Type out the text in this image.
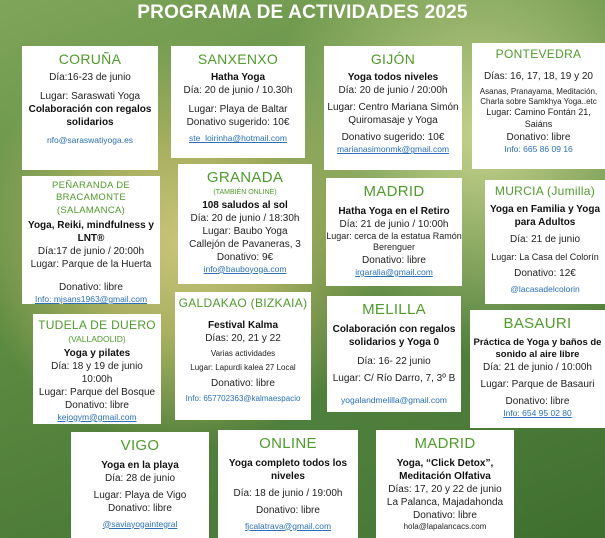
PROGRAMA DE ACTIVIDADES 2025
CORUÑA
Día:16-23 de junio
Lugar: Saraswati Yoga
Colaboración con regalos solidarios
nfo@saraswatiyoga.es
SANXENXO
Hatha Yoga
Día: 20 de junio / 10.30h
Lugar: Playa de Baltar
Donativo sugerido: 10€
ste_loirinha@hotmail.com
GIJÓN
Yoga todos niveles
Día: 20 de junio / 20:00h
Lugar: Centro Mariana Simón
Quiromasaje y Yoga
Donativo sugerido: 10€
marianasimonmk@gmail.com
PONTEVEDRA
Días: 16, 17, 18, 19 y 20
Asanas, Pranayama, Meditación, Charla sobre Samkhya Yoga..etc
Lugar: Camino Fontán 21, Saiáns
Donativo: libre
Info: 665 86 09 16
PEÑARANDA DE BRACAMONTE (SALAMANCA)
Yoga, Reiki, mindfulness y LNT®
Día:17 de junio / 20:00h
Lugar: Parque de la Huerta
Donativo: libre
Info: mjsans1963@gmail.com
GRANADA
(TAMBIÉN ONLINE)
108 saludos al sol
Día: 20 de junio / 18:30h
Lugar: Baubo Yoga
Callejón de Pavaneras, 3
Donativo: 9€
info@bauboyoga.com
MADRID
Hatha Yoga en el Retiro
Día: 21 de junio / 10:00h
Lugar: cerca de la estatua Ramón Berenguer
Donativo: libre
irgaralia@gmail.com
MURCIA (Jumilla)
Yoga en Familia y Yoga para Adultos
Día: 21 de junio
Lugar: La Casa del Colorín
Donativo: 12€
@lacasadelcolorin
TUDELA DE DUERO
(VALLADOLID)
Yoga y pilates
Día: 18 y 19 de junio
10:00h
Lugar: Parque del Bosque
Donativo: libre
kejogym@gmail.com
GALDAKAO (BIZKAIA)
Festival Kalma
Días: 20, 21 y 22
Varias actividades
Lugar: Lapurdi kalea 27 Local
Donativo: libre
Info: 657702363@kalmaespacio
MELILLA
Colaboración con regalos solidarios y Yoga 0
Día: 16- 22 junio
Lugar: C/ Río Darro, 7, 3º B
yogalandmelilla@gmail.com
BASAURI
Práctica de Yoga y baños de sonido al aire libre
Día: 21 de junio / 10:00h
Lugar: Parque de Basauri
Donativo: libre
Info: 654 95 02 80
VIGO
Yoga en la playa
Día: 28 de junio
Lugar: Playa de Vigo
Donativo: libre
@saviayogaintegral
ONLINE
Yoga completo todos los niveles
Día: 18 de junio / 19:00h
Donativo: libre
fjcalatrava@gmail.com
MADRID
Yoga, “Click Detox”, Meditación Olfativa
Días: 17, 20 y 22 de junio
La Palanca, Majadahonda
Donativo: libre
hola@lapalancacs.com
